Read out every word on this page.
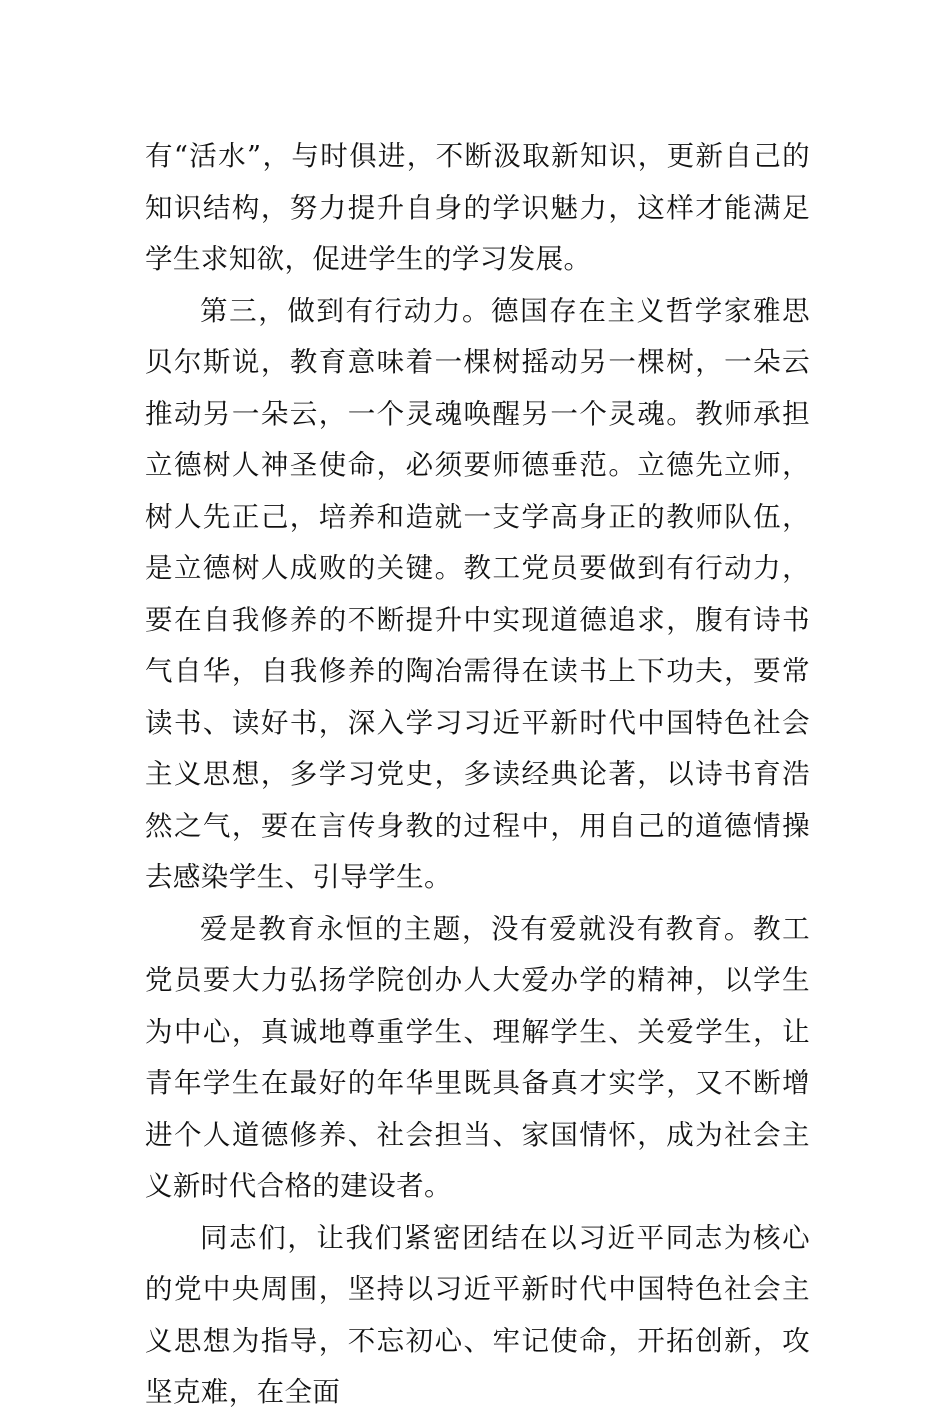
有“活水”，与时俱进，不断汲取新知识，更新自己的知识结构，努力提升自身的学识魅力，这样才能满足学生求知欲，促进学生的学习发展。

第三，做到有行动力。德国存在主义哲学家雅思贝尔斯说，教育意味着一棵树摇动另一棵树，一朵云推动另一朵云，一个灵魂唤醒另一个灵魂。教师承担立德树人神圣使命，必须要师德垂范。立德先立师，树人先正己，培养和造就一支学高身正的教师队伍，是立德树人成败的关键。教工党员要做到有行动力，要在自我修养的不断提升中实现道德追求，腹有诗书气自华，自我修养的陶冶需得在读书上下功夫，要常读书、读好书，深入学习习近平新时代中国特色社会主义思想，多学习党史，多读经典论著，以诗书育浩然之气，要在言传身教的过程中，用自己的道德情操去感染学生、引导学生。

爱是教育永恒的主题，没有爱就没有教育。教工党员要大力弘扬学院创办人大爱办学的精神，以学生为中心，真诚地尊重学生、理解学生、关爱学生，让青年学生在最好的年华里既具备真才实学，又不断增进个人道德修养、社会担当、家国情怀，成为社会主义新时代合格的建设者。

同志们，让我们紧密团结在以习近平同志为核心的党中央周围，坚持以习近平新时代中国特色社会主义思想为指导，不忘初心、牢记使命，开拓创新，攻坚克难，在全面
